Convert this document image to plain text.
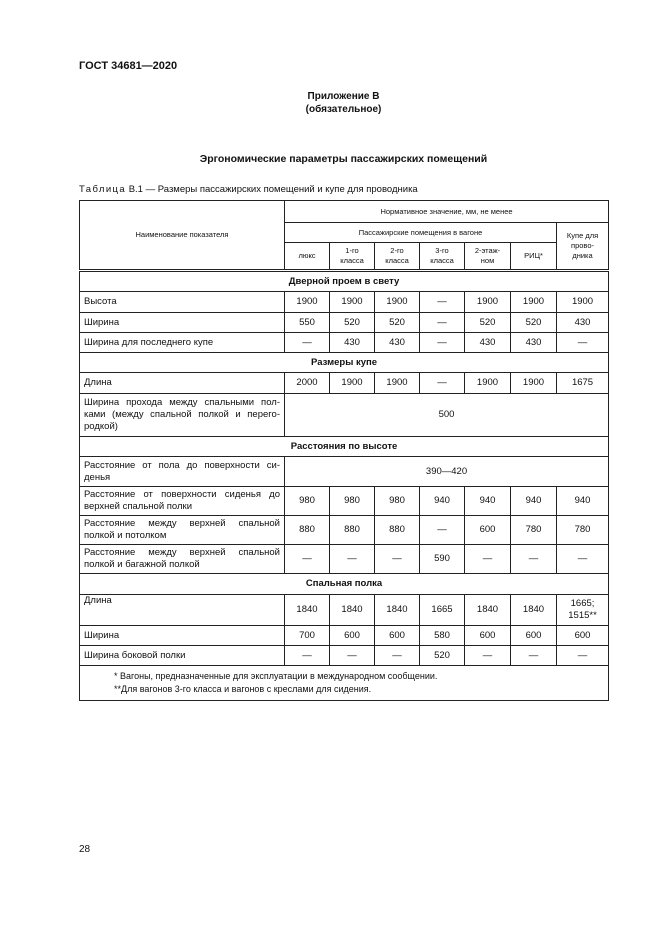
ГОСТ 34681—2020
Приложение В
(обязательное)
Эргономические параметры пассажирских помещений
Таблица В.1 — Размеры пассажирских помещений и купе для проводника
Наименование показателя	Нормативное значение, мм, не менее						
	Пассажирские помещения в вагоне						Купе для прово-дника
	люкс	1-го класса	2-го класса	3-го класса	2-этаж-ном	РИЦ*	
Дверной проем в свету							
Высота	1900	1900	1900	—	1900	1900	1900
Ширина	550	520	520	—	520	520	430
Ширина для последнего купе	—	430	430	—	430	430	—
Размеры купе							
Длина	2000	1900	1900	—	1900	1900	1675
Ширина прохода между спальными пол-ками (между спальной полкой и перего-родкой)	500						
Расстояния по высоте							
Расстояние от пола до поверхности си-денья	390—420						
Расстояние от поверхности сиденья до верхней спальной полки	980	980	980	940	940	940	940
Расстояние между верхней спальной полкой и потолком	880	880	880	—	600	780	780
Расстояние между верхней спальной полкой и багажной полкой	—	—	—	590	—	—	—
Спальная полка							
Длина	1840	1840	1840	1665	1840	1840	1665; 1515**
Ширина	700	600	600	580	600	600	600
Ширина боковой полки	—	—	—	520	—	—	—

* Вагоны, предназначенные для эксплуатации в международном сообщении.
**Для вагонов 3-го класса и вагонов с креслами для сидения.							
28
